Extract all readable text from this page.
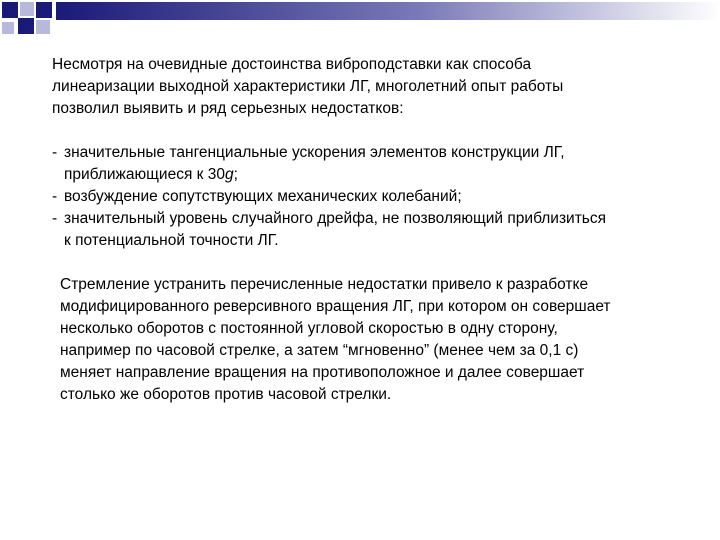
Несмотря на очевидные достоинства виброподставки как способа
линеаризации выходной характеристики ЛГ, многолетний опыт работы
позволил выявить и ряд серьезных недостатков:

- значительные тангенциальные ускорения элементов конструкции ЛГ,
приближающиеся к 30g;
- возбуждение сопутствующих механических колебаний;
- значительный уровень случайного дрейфа, не позволяющий приблизиться
к потенциальной точности ЛГ.

Стремление устранить перечисленные недостатки привело к разработке
модифицированного реверсивного вращения ЛГ, при котором он совершает
несколько оборотов с постоянной угловой скоростью в одну сторону,
например по часовой стрелке, а затем “мгновенно” (менее чем за 0,1 с)
меняет направление вращения на противоположное и далее совершает
столько же оборотов против часовой стрелки.
